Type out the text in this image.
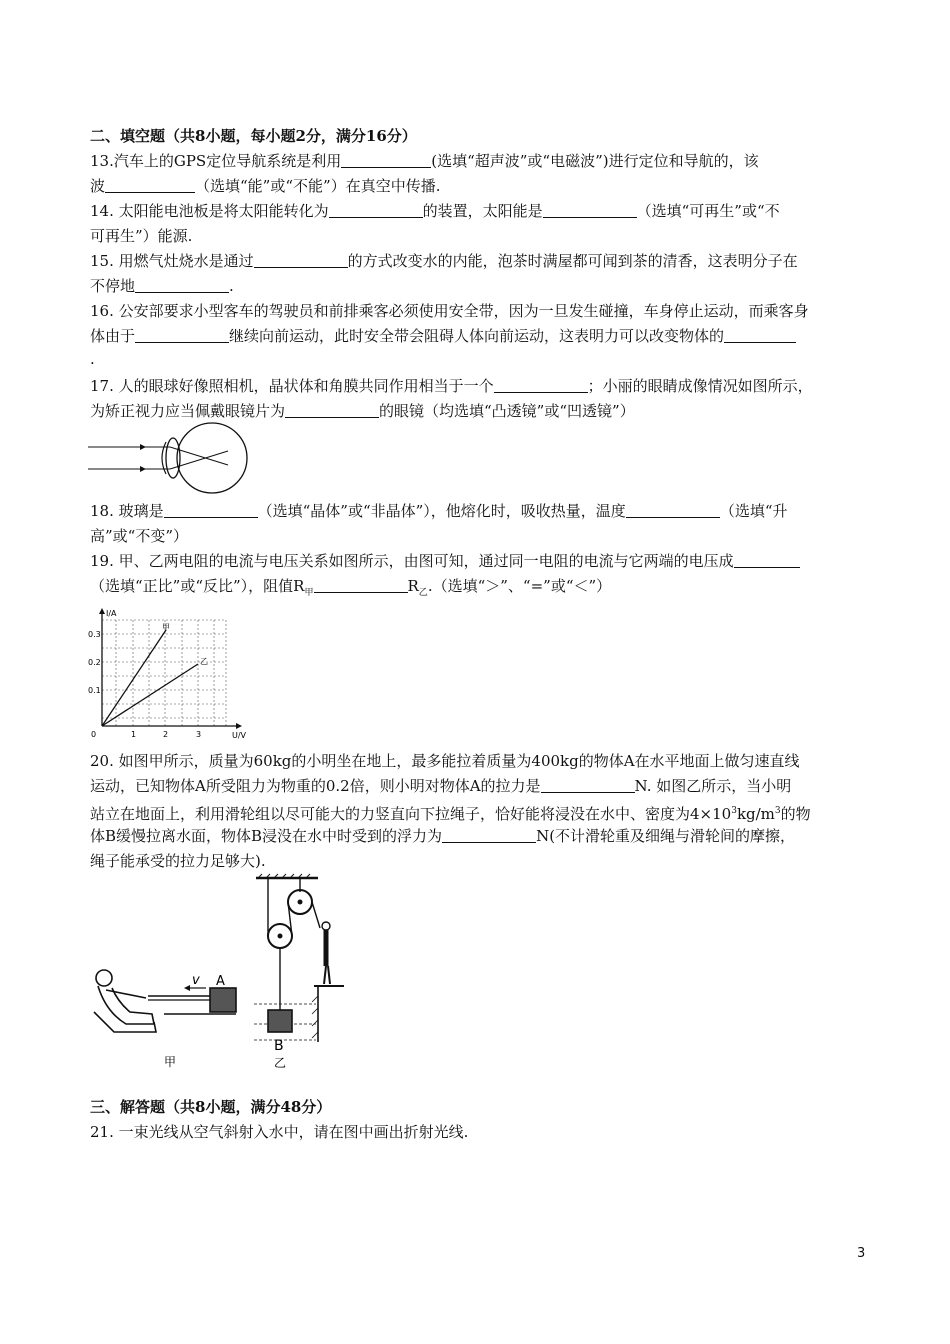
二、填空题（共8小题，每小题2分，满分16分）
13.汽车上的GPS定位导航系统是利用	(选填“超声波”或“电磁波”)进行定位和导航的，该
波	（选填“能”或“不能”）在真空中传播.
14. 太阳能电池板是将太阳能转化为	的装置，太阳能是	（选填“可再生”或“不
可再生”）能源.
15. 用燃气灶烧水是通过	的方式改变水的内能，泡茶时满屋都可闻到茶的清香，这表明分子在
不停地	.
16. 公安部要求小型客车的驾驶员和前排乘客必须使用安全带，因为一旦发生碰撞，车身停止运动，而乘客身
体由于	继续向前运动，此时安全带会阻碍人体向前运动，这表明力可以改变物体的
.
17. 人的眼球好像照相机，晶状体和角膜共同作用相当于一个	；小丽的眼睛成像情况如图所示，
为矫正视力应当佩戴眼镜片为	的眼镜（均选填“凸透镜”或“凹透镜”）
18. 玻璃是	（选填“晶体”或“非晶体”），他熔化时，吸收热量，温度	（选填“升
高”或“不变”）
19. 甲、乙两电阻的电流与电压关系如图所示，由图可知，通过同一电阻的电流与它两端的电压成
（选填“正比”或“反比”），阻值$R_甲$	$R_乙$.（选填“＞”、“=”或“＜”）
I/A
U/V
0.3
0.2
0.1
0	1	2	3
甲
乙
20. 如图甲所示，质量为60kg的小明坐在地上，最多能拉着质量为400kg的物体A在水平地面上做匀速直线
运动，已知物体A所受阻力为物重的0.2倍，则小明对物体A的拉力是	N. 如图乙所示，当小明
站立在地面上，利用滑轮组以尽可能大的力竖直向下拉绳子，恰好能将浸没在水中、密度为$4\times 10^3kg/m^3$的物
体B缓慢拉离水面，物体B浸没在水中时受到的浮力为	N(不计滑轮重及细绳与滑轮间的摩擦，
绳子能承受的拉力足够大).
v A
甲
B
乙
三、解答题（共8小题，满分48分）
21. 一束光线从空气斜射入水中，请在图中画出折射光线.
3
